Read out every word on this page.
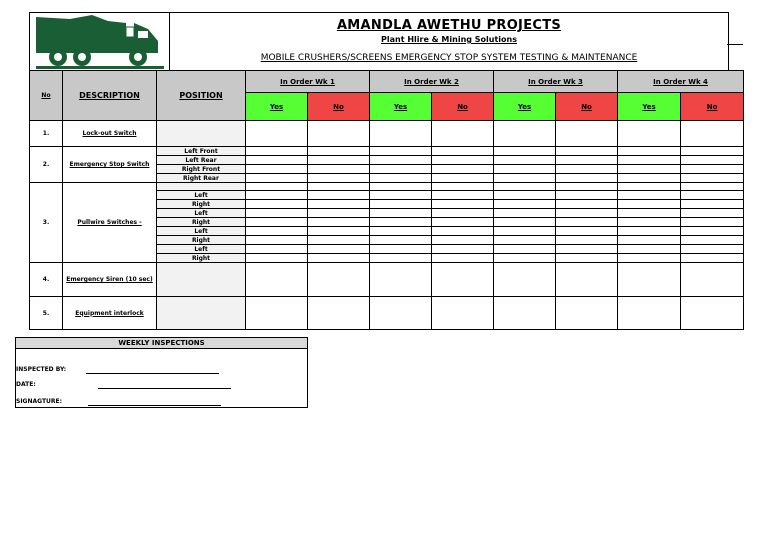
AMANDLA AWETHU PROJECTS
Plant Hlire & Mining Solutions
MOBILE CRUSHERS/SCREENS EMERGENCY STOP SYSTEM TESTING & MAINTENANCE
No	DESCRIPTION	POSITION	In Order Wk 1		In Order Wk 2		In Order Wk 3		In Order Wk 4	
			Yes	No	Yes	No	Yes	No	Yes	No
1.	Lock-out Switch									
2.	Emergency Stop Switch	Left Front								
		Left Rear								
		Right Front								
		Right Rear								
3.	Pullwire Switches -									
		Left								
		Right								
		Left								
		Right								
		Left								
		Right								
		Left								
		Right								
4.	Emergency Siren (10 sec)									
5.	Equipment interlock									
WEEKLY INSPECTIONS
INSPECTED BY:
DATE:
SIGNAGTURE:
